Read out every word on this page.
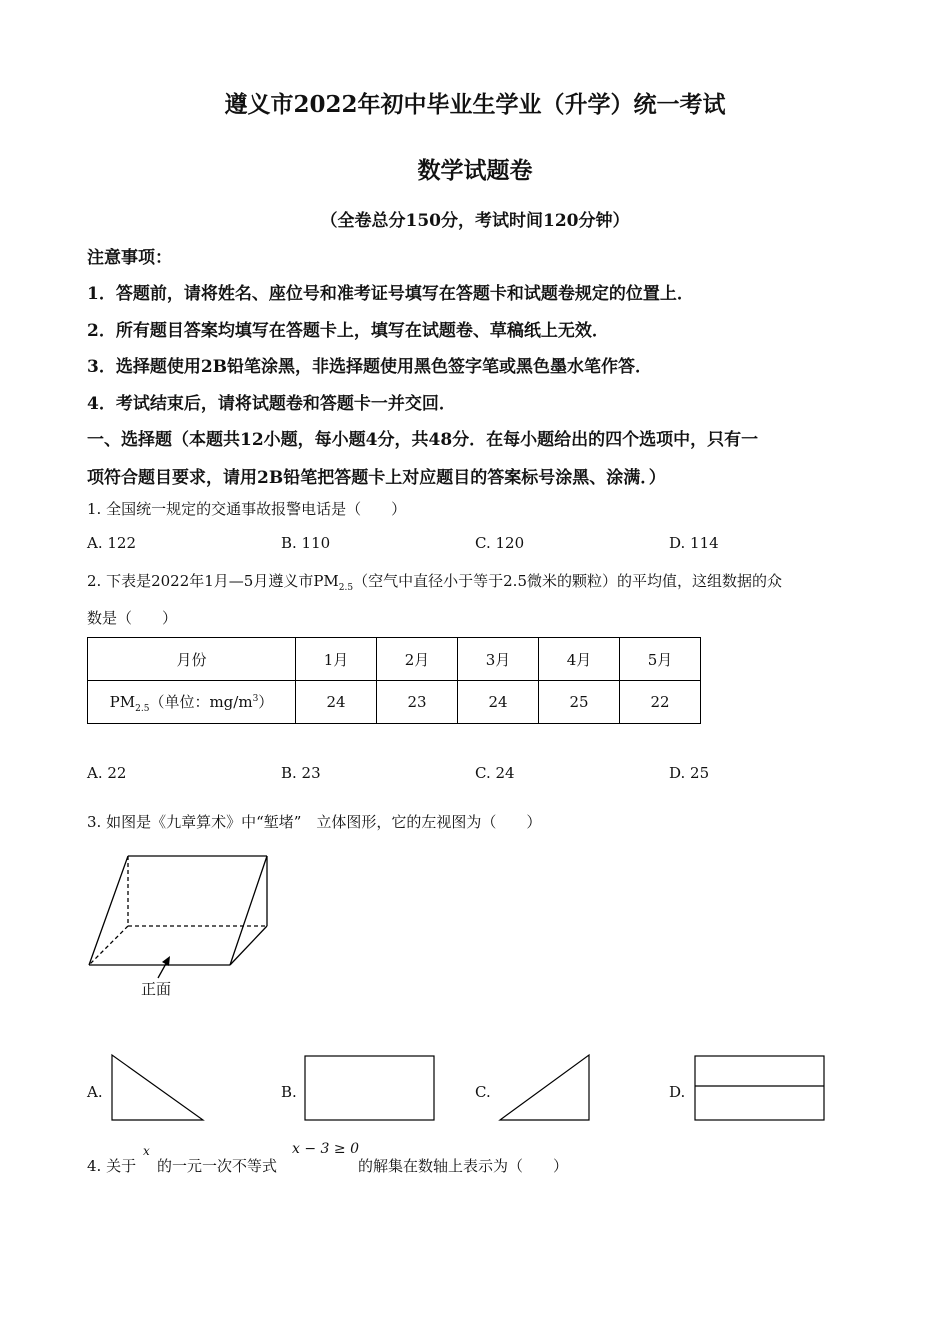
遵义市2022年初中毕业生学业（升学）统一考试
数学试题卷
（全卷总分150分，考试时间120分钟）
注意事项：
1．答题前，请将姓名、座位号和准考证号填写在答题卡和试题卷规定的位置上．
2．所有题目答案均填写在答题卡上，填写在试题卷、草稿纸上无效．
3．选择题使用2B铅笔涂黑，非选择题使用黑色签字笔或黑色墨水笔作答．
4．考试结束后，请将试题卷和答题卡一并交回．
一、选择题（本题共12小题，每小题4分，共48分．在每小题给出的四个选项中，只有一
项符合题目要求，请用2B铅笔把答题卡上对应题目的答案标号涂黑、涂满．）
1. 全国统一规定的交通事故报警电话是（　　）
A. 122	B. 110	C. 120	D. 114
2. 下表是2022年1月—5月遵义市$PM_{2.5}$（空气中直径小于等于2.5微米的颗粒）的平均值，这组数据的众
数是（　　）
月份	1月	2月	3月	4月	5月
$PM_{2.5}$（单位：$mg/m^3$）	24	23	24	25	22
A. 22	B. 23	C. 24	D. 25
3. 如图是《九章算术》中“堑堵”　立体图形，它的左视图为（　　）
正面
A.	B.	C.	D.
4. 关于
x
的一元一次不等式
x − 3 ≥ 0
的解集在数轴上表示为（　　）
